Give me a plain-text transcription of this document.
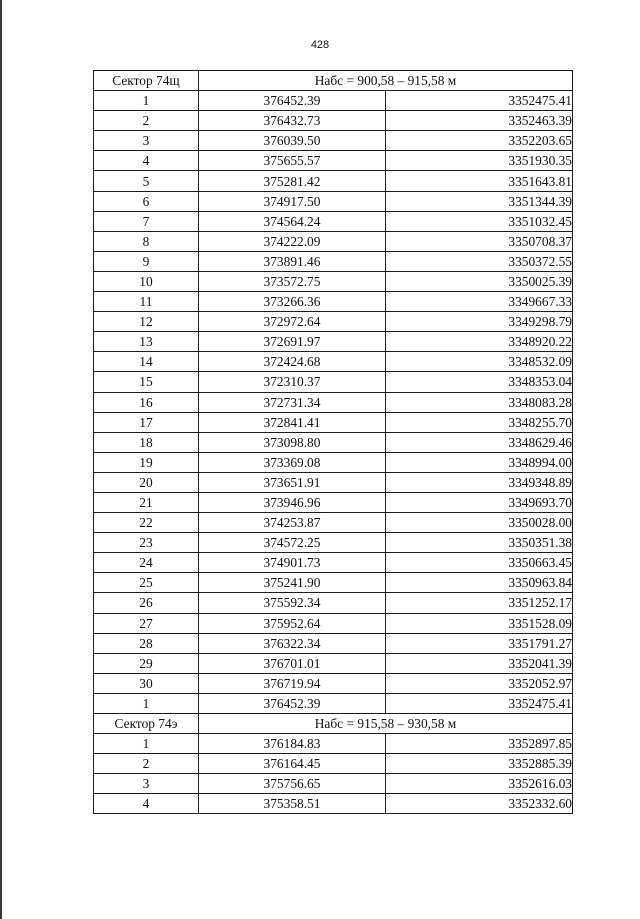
428
Сектор 74щ	Набс = 900,58 – 915,58 м	
1	376452.39	3352475.41
2	376432.73	3352463.39
3	376039.50	3352203.65
4	375655.57	3351930.35
5	375281.42	3351643.81
6	374917.50	3351344.39
7	374564.24	3351032.45
8	374222.09	3350708.37
9	373891.46	3350372.55
10	373572.75	3350025.39
11	373266.36	3349667.33
12	372972.64	3349298.79
13	372691.97	3348920.22
14	372424.68	3348532.09
15	372310.37	3348353.04
16	372731.34	3348083.28
17	372841.41	3348255.70
18	373098.80	3348629.46
19	373369.08	3348994.00
20	373651.91	3349348.89
21	373946.96	3349693.70
22	374253.87	3350028.00
23	374572.25	3350351.38
24	374901.73	3350663.45
25	375241.90	3350963.84
26	375592.34	3351252.17
27	375952.64	3351528.09
28	376322.34	3351791.27
29	376701.01	3352041.39
30	376719.94	3352052.97
1	376452.39	3352475.41
Сектор 74э	Набс = 915,58 – 930,58 м	
1	376184.83	3352897.85
2	376164.45	3352885.39
3	375756.65	3352616.03
4	375358.51	3352332.60
